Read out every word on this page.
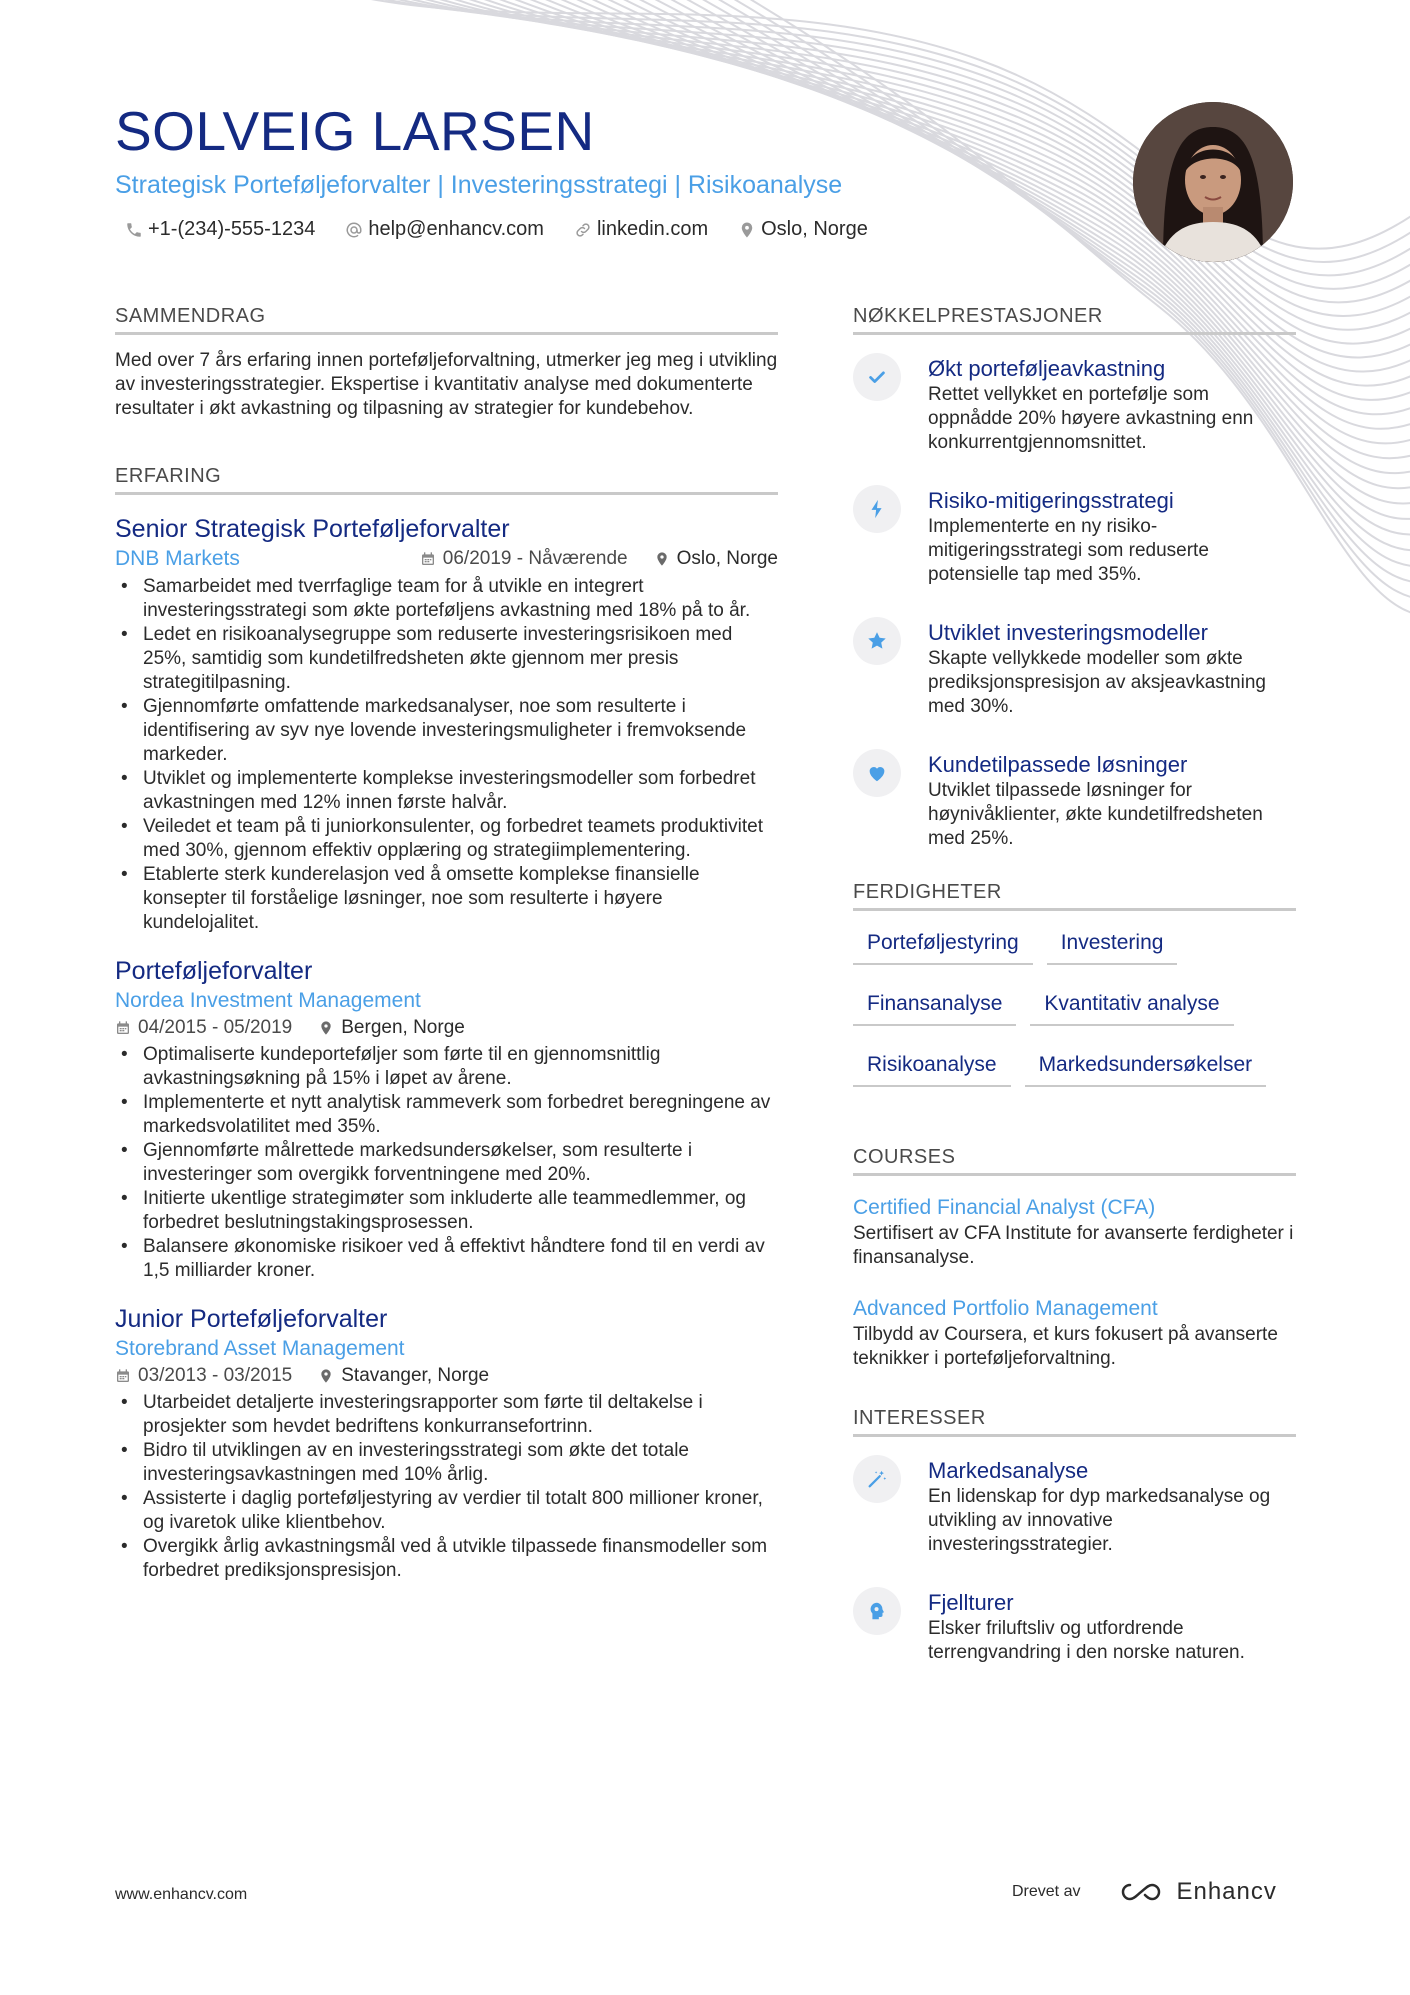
SOLVEIG LARSEN
Strategisk Porteføljeforvalter | Investeringsstrategi | Risikoanalyse
+1-(234)-555-1234	help@enhancv.com	linkedin.com	Oslo, Norge
SAMMENDRAG

Med over 7 års erfaring innen porteføljeforvaltning, utmerker jeg meg i utvikling av investeringsstrategier. Ekspertise i kvantitativ analyse med dokumenterte resultater i økt avkastning og tilpasning av strategier for kundebehov.

ERFARING
Senior Strategisk Porteføljeforvalter
DNB Markets	06/2019 - Nåværende	Oslo, Norge
• Samarbeidet med tverrfaglige team for å utvikle en integrert investeringsstrategi som økte porteføljens avkastning med 18% på to år.
• Ledet en risikoanalysegruppe som reduserte investeringsrisikoen med 25%, samtidig som kundetilfredsheten økte gjennom mer presis strategitilpasning.
• Gjennomførte omfattende markedsanalyser, noe som resulterte i identifisering av syv nye lovende investeringsmuligheter i fremvoksende markeder.
• Utviklet og implementerte komplekse investeringsmodeller som forbedret avkastningen med 12% innen første halvår.
• Veiledet et team på ti juniorkonsulenter, og forbedret teamets produktivitet med 30%, gjennom effektiv opplæring og strategiimplementering.
• Etablerte sterk kunderelasjon ved å omsette komplekse finansielle konsepter til forståelige løsninger, noe som resulterte i høyere kundelojalitet.
Porteføljeforvalter
Nordea Investment Management
04/2015 - 05/2019	Bergen, Norge
• Optimaliserte kundeporteføljer som førte til en gjennomsnittlig avkastningsøkning på 15% i løpet av årene.
• Implementerte et nytt analytisk rammeverk som forbedret beregningene av markedsvolatilitet med 35%.
• Gjennomførte målrettede markedsundersøkelser, som resulterte i investeringer som overgikk forventningene med 20%.
• Initierte ukentlige strategimøter som inkluderte alle teammedlemmer, og forbedret beslutningstakingsprosessen.
• Balansere økonomiske risikoer ved å effektivt håndtere fond til en verdi av 1,5 milliarder kroner.
Junior Porteføljeforvalter
Storebrand Asset Management
03/2013 - 03/2015	Stavanger, Norge
• Utarbeidet detaljerte investeringsrapporter som førte til deltakelse i prosjekter som hevdet bedriftens konkurransefortrinn.
• Bidro til utviklingen av en investeringsstrategi som økte det totale investeringsavkastningen med 10% årlig.
• Assisterte i daglig porteføljestyring av verdier til totalt 800 millioner kroner, og ivaretok ulike klientbehov.
• Overgikk årlig avkastningsmål ved å utvikle tilpassede finansmodeller som forbedret prediksjonspresisjon.
NØKKELPRESTASJONER
Økt porteføljeavkastning
Rettet vellykket en portefølje som oppnådde 20% høyere avkastning enn konkurrentgjennomsnittet.
Risiko-mitigeringsstrategi
Implementerte en ny risiko-mitigeringsstrategi som reduserte potensielle tap med 35%.
Utviklet investeringsmodeller
Skapte vellykkede modeller som økte prediksjonspresisjon av aksjeavkastning med 30%.
Kundetilpassede løsninger
Utviklet tilpassede løsninger for høynivåklienter, økte kundetilfredsheten med 25%.
FERDIGHETER
Porteføljestyring	Investering
Finansanalyse	Kvantitativ analyse
Risikoanalyse	Markedsundersøkelser
COURSES
Certified Financial Analyst (CFA)
Sertifisert av CFA Institute for avanserte ferdigheter i finansanalyse.
Advanced Portfolio Management
Tilbydd av Coursera, et kurs fokusert på avanserte teknikker i porteføljeforvaltning.
INTERESSER
Markedsanalyse
En lidenskap for dyp markedsanalyse og utvikling av innovative investeringsstrategier.
Fjellturer
Elsker friluftsliv og utfordrende terrengvandring i den norske naturen.
www.enhancv.com	Drevet av	Enhancv
